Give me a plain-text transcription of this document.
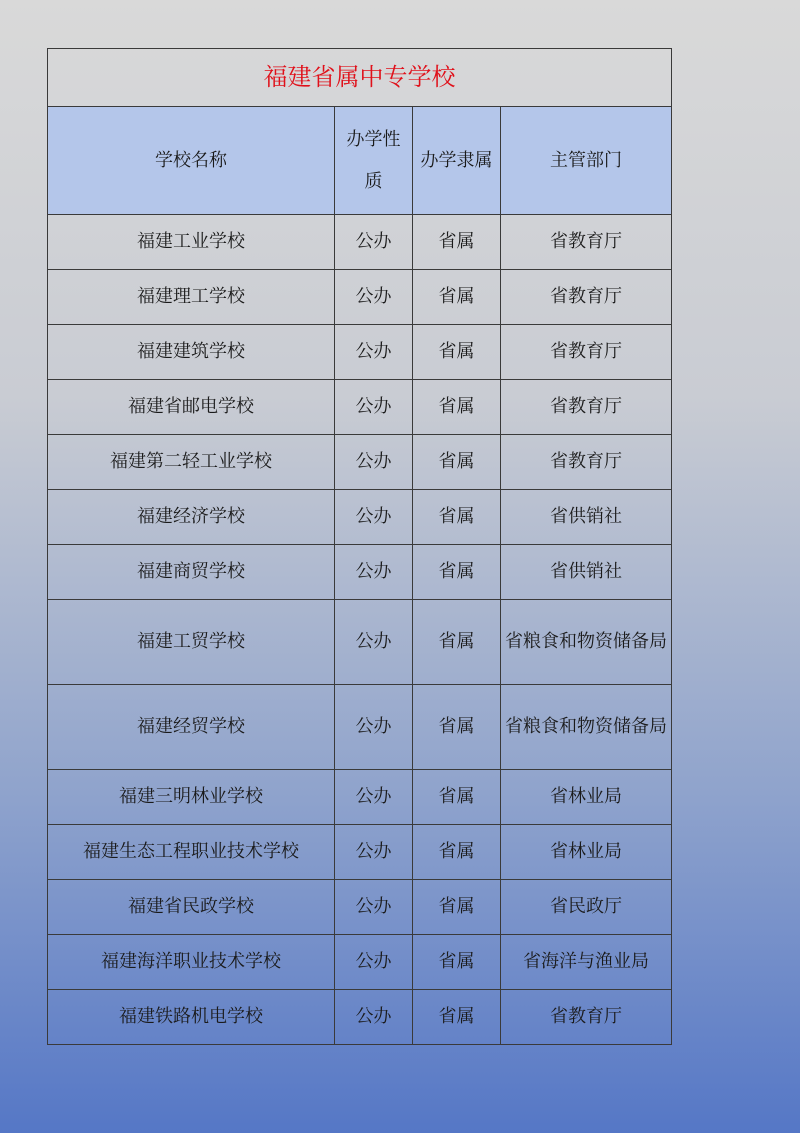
福建省属中专学校			
学校名称	办学性质	办学隶属	主管部门
福建工业学校	公办	省属	省教育厅
福建理工学校	公办	省属	省教育厅
福建建筑学校	公办	省属	省教育厅
福建省邮电学校	公办	省属	省教育厅
福建第二轻工业学校	公办	省属	省教育厅
福建经济学校	公办	省属	省供销社
福建商贸学校	公办	省属	省供销社
福建工贸学校	公办	省属	省粮食和物资储备局
福建经贸学校	公办	省属	省粮食和物资储备局
福建三明林业学校	公办	省属	省林业局
福建生态工程职业技术学校	公办	省属	省林业局
福建省民政学校	公办	省属	省民政厅
福建海洋职业技术学校	公办	省属	省海洋与渔业局
福建铁路机电学校	公办	省属	省教育厅
